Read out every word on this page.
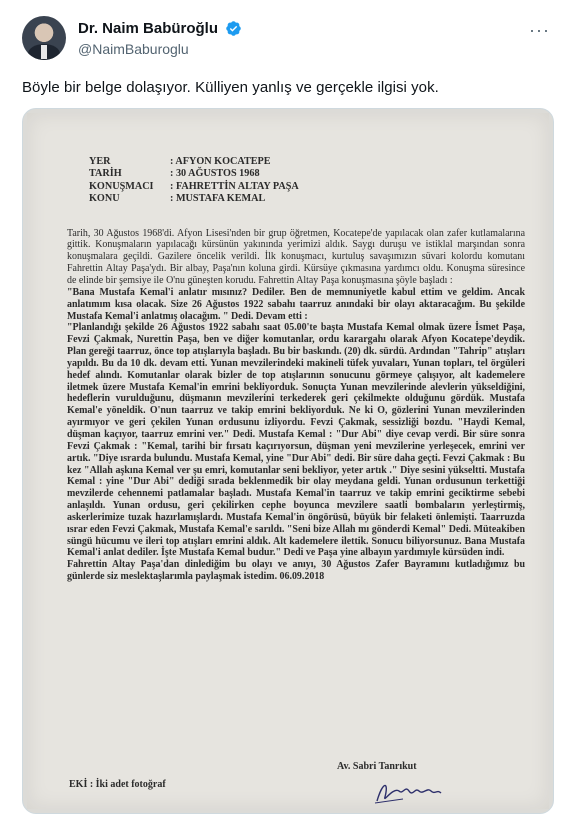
Dr. Naim Babüroğlu
@NaimBaburoglu
···
Böyle bir belge dolaşıyor. Külliyen yanlış ve gerçekle ilgisi yok.
YER	: AFYON KOCATEPE
TARİH	: 30 AĞUSTOS 1968
KONUŞMACI	: FAHRETTİN ALTAY PAŞA
KONU	: MUSTAFA KEMAL

Tarih, 30 Ağustos 1968'di. Afyon Lisesi'nden bir grup öğretmen, Kocatepe'de yapılacak olan zafer kutlamalarına gittik. Konuşmaların yapılacağı kürsünün yakınında yerimizi aldık. Saygı duruşu ve istiklal marşından sonra konuşmalara geçildi. Gazilere öncelik verildi. İlk konuşmacı, kurtuluş savaşımızın süvari kolordu komutanı Fahrettin Altay Paşa'ydı. Bir albay, Paşa'nın koluna girdi. Kürsüye çıkmasına yardımcı oldu. Konuşma süresince de elinde bir şemsiye ile O'nu güneşten korudu. Fahrettin Altay Paşa konuşmasına şöyle başladı :

"Bana Mustafa Kemal'i anlatır mısınız? Dediler. Ben de memnuniyetle kabul ettim ve geldim. Ancak anlatımım kısa olacak. Size 26 Ağustos 1922 sabahı taarruz anındaki bir olayı aktaracağım. Bu şekilde Mustafa Kemal'i anlatmış olacağım. " Dedi. Devam etti :

"Planlandığı şekilde 26 Ağustos 1922 sabahı saat 05.00'te başta Mustafa Kemal olmak üzere İsmet Paşa, Fevzi Çakmak, Nurettin Paşa, ben ve diğer komutanlar, ordu karargahı olarak Afyon Kocatepe'deydik. Plan gereği taarruz, önce top atışlarıyla başladı. Bu bir baskındı. (20) dk. sürdü. Ardından "Tahrip" atışları yapıldı. Bu da 10 dk. devam etti. Yunan mevzilerindeki makineli tüfek yuvaları, Yunan topları, tel örgüleri hedef alındı. Komutanlar olarak bizler de top atışlarının sonucunu görmeye çalışıyor, alt kademelere iletmek üzere Mustafa Kemal'in emrini bekliyorduk. Sonuçta Yunan mevzilerinde alevlerin yükseldiğini, hedeflerin vurulduğunu, düşmanın mevzilerini terkederek geri çekilmekte olduğunu gördük. Mustafa Kemal'e yöneldik. O'nun taarruz ve takip emrini bekliyorduk. Ne ki O, gözlerini Yunan mevzilerinden ayırmıyor ve geri çekilen Yunan ordusunu izliyordu. Fevzi Çakmak, sessizliği bozdu. "Haydi Kemal, düşman kaçıyor, taarruz emrini ver." Dedi. Mustafa Kemal : "Dur Abi" diye cevap verdi. Bir süre sonra Fevzi Çakmak : "Kemal, tarihi bir fırsatı kaçırıyorsun, düşman yeni mevzilerine yerleşecek, emrini ver artık. "Diye ısrarda bulundu. Mustafa Kemal, yine "Dur Abi" dedi. Bir süre daha geçti. Fevzi Çakmak : Bu kez "Allah aşkına Kemal ver şu emri, komutanlar seni bekliyor, yeter artık ." Diye sesini yükseltti. Mustafa Kemal : yine "Dur Abi" dediği sırada beklenmedik bir olay meydana geldi. Yunan ordusunun terkettiği mevzilerde cehennemi patlamalar başladı. Mustafa Kemal'in taarruz ve takip emrini geciktirme sebebi anlaşıldı. Yunan ordusu, geri çekilirken cephe boyunca mevzilere saatli bombaların yerleştirmiş, askerlerimize tuzak hazırlamışlardı. Mustafa Kemal'in öngörüsü, büyük bir felaketi önlemişti. Taarruzda ısrar eden Fevzi Çakmak, Mustafa Kemal'e sarıldı. "Seni bize Allah mı gönderdi Kemal" Dedi. Müteakiben süngü hücumu ve ileri top atışları emrini aldık. Alt kademelere ilettik. Sonucu biliyorsunuz. Bana Mustafa Kemal'i anlat dediler. İşte Mustafa Kemal budur." Dedi ve Paşa yine albayın yardımıyle kürsüden indi.

Fahrettin Altay Paşa'dan dinlediğim bu olayı ve anıyı, 30 Ağustos Zafer Bayramını kutladığımız bu günlerde siz meslektaşlarımla paylaşmak istedim. 06.09.2018

Av. Sabri Tanrıkut
EKİ : İki adet fotoğraf
